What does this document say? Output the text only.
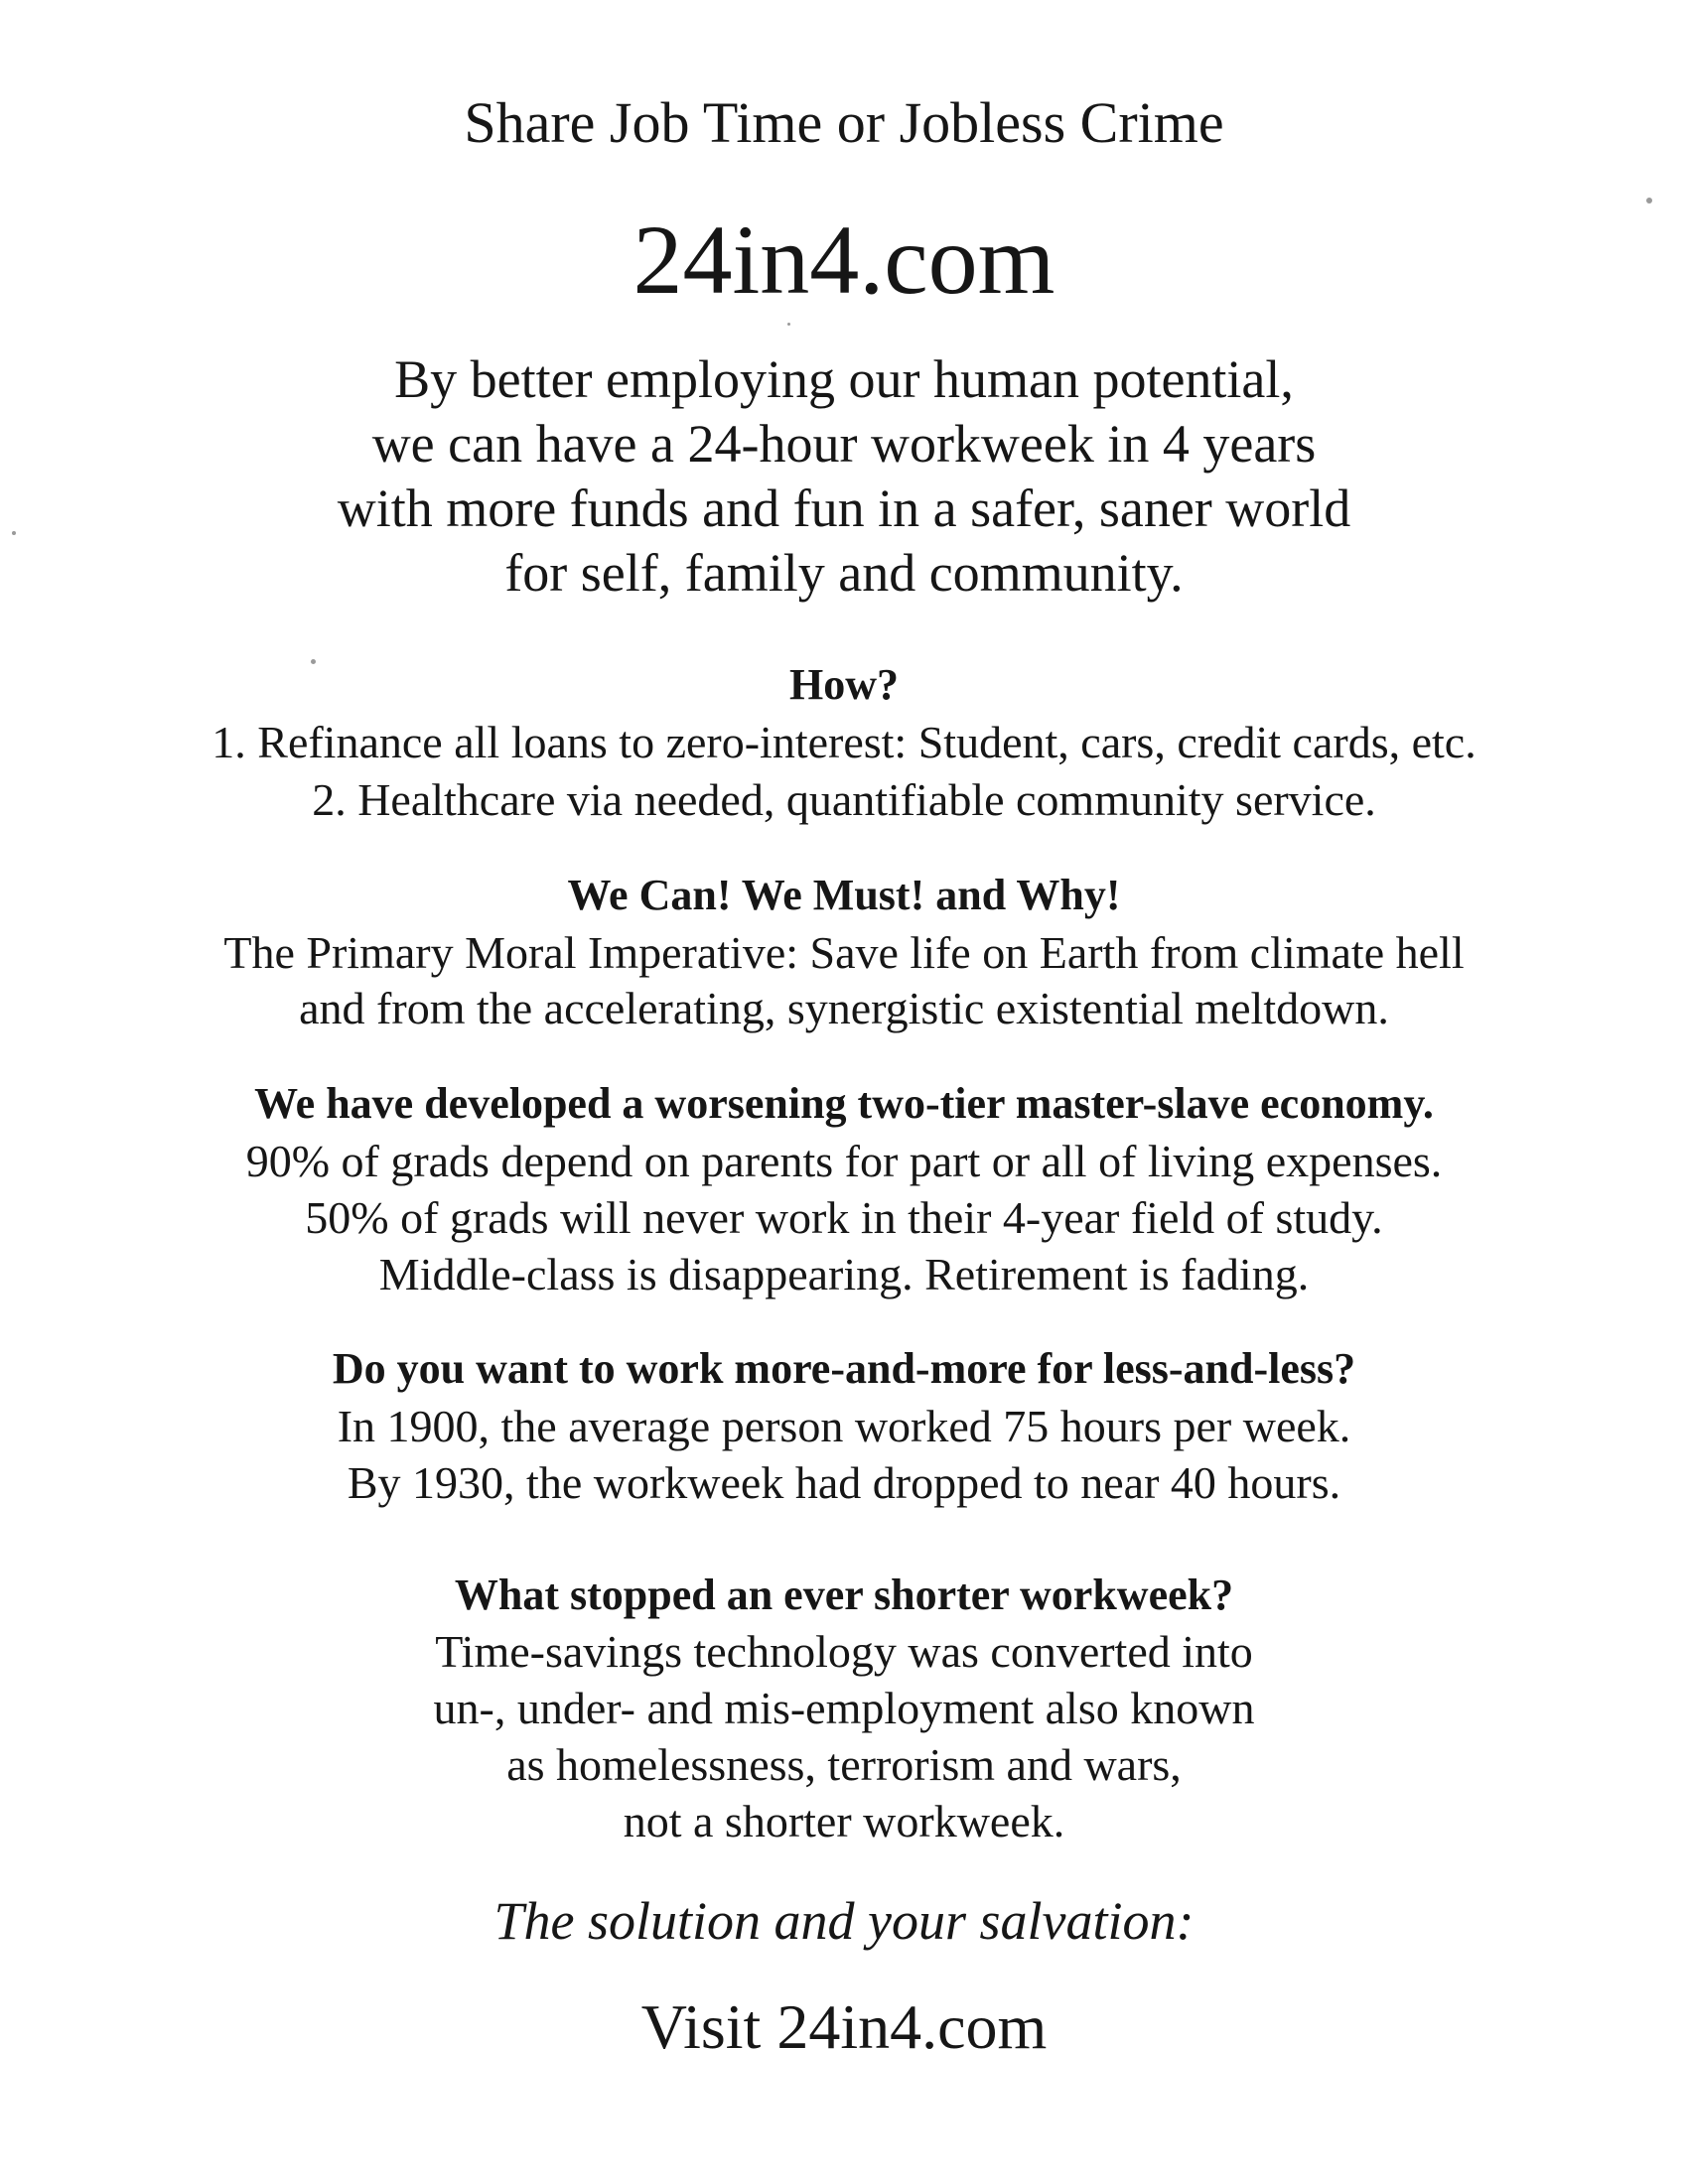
Share Job Time or Jobless Crime
24in4.com
By better employing our human potential,
we can have a 24-hour workweek in 4 years
with more funds and fun in a safer, saner world
for self, family and community.
How?
1. Refinance all loans to zero-interest: Student, cars, credit cards, etc.
2. Healthcare via needed, quantifiable community service.
We Can! We Must! and Why!
The Primary Moral Imperative: Save life on Earth from climate hell
and from the accelerating, synergistic existential meltdown.
We have developed a worsening two-tier master-slave economy.
90% of grads depend on parents for part or all of living expenses.
50% of grads will never work in their 4-year field of study.
Middle-class is disappearing. Retirement is fading.
Do you want to work more-and-more for less-and-less?
In 1900, the average person worked 75 hours per week.
By 1930, the workweek had dropped to near 40 hours.
What stopped an ever shorter workweek?
Time-savings technology was converted into
un-, under- and mis-employment also known
as homelessness, terrorism and wars,
not a shorter workweek.
The solution and your salvation:
Visit 24in4.com
